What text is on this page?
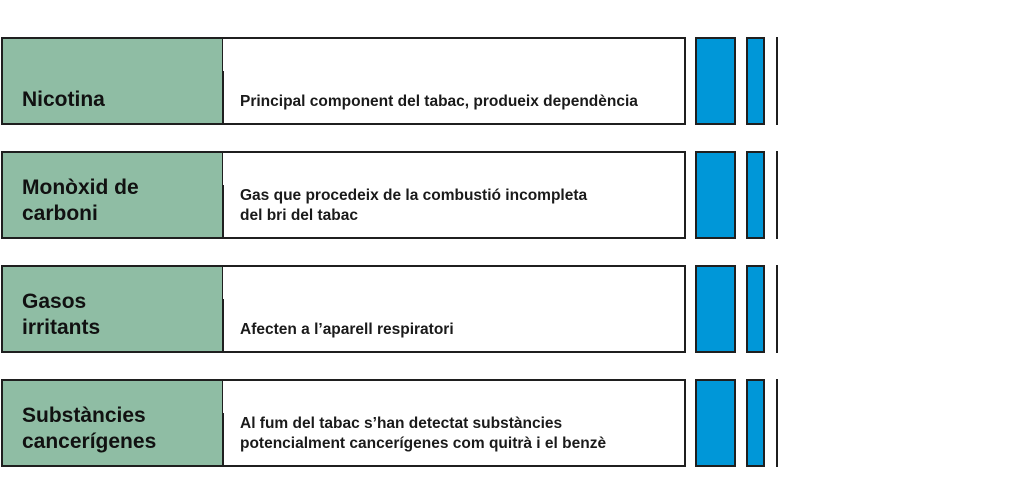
Nicotina	Principal component del tabac, produeix dependència
Monòxid de
carboni
Gas que procedeix de la combustió incompleta
del bri del tabac
Gasos
irritants	Afecten a l’aparell respiratori
Substàncies
cancerígenes
Al fum del tabac s’han detectat substàncies
potencialment cancerígenes com quitrà i el benzè
